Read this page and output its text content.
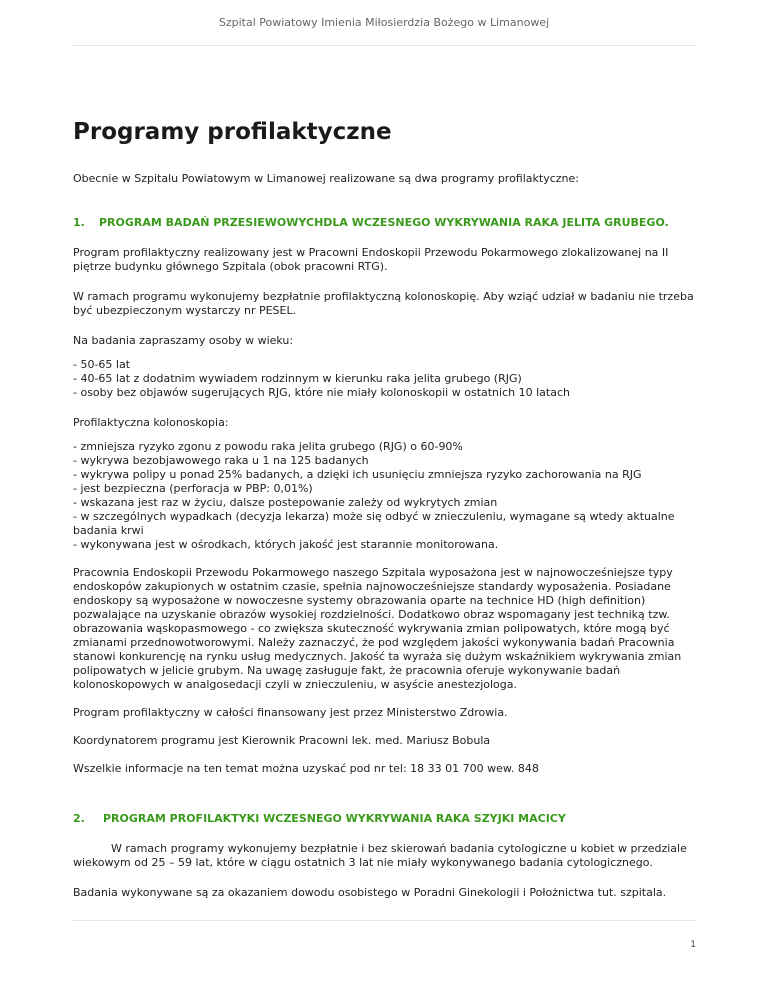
Szpital Powiatowy Imienia Miłosierdzia Bożego w Limanowej
Programy profilaktyczne

Obecnie w Szpitalu Powiatowym w Limanowej realizowane są dwa programy profilaktyczne:

1.	PROGRAM BADAŃ PRZESIEWOWYCHDLA WCZESNEGO WYKRYWANIA RAKA JELITA GRUBEGO.

Program profilaktyczny realizowany jest w Pracowni Endoskopii Przewodu Pokarmowego zlokalizowanej na II piętrze budynku głównego Szpitala (obok pracowni RTG).

W ramach programu wykonujemy bezpłatnie profilaktyczną kolonoskopię. Aby wziąć udział w badaniu nie trzeba być ubezpieczonym wystarczy nr PESEL.

Na badania zapraszamy osoby w wieku:

- 50-65 lat
- 40-65 lat z dodatnim wywiadem rodzinnym w kierunku raka jelita grubego (RJG)
- osoby bez objawów sugerujących RJG, które nie miały kolonoskopii w ostatnich 10 latach

Profilaktyczna kolonoskopia:

- zmniejsza ryzyko zgonu z powodu raka jelita grubego (RJG) o 60-90%
- wykrywa bezobjawowego raka u 1 na 125 badanych
- wykrywa polipy u ponad 25% badanych, a dzięki ich usunięciu zmniejsza ryzyko zachorowania na RJG
- jest bezpieczna (perforacja w PBP: 0,01%)
- wskazana jest raz w życiu, dalsze postepowanie zależy od wykrytych zmian
- w szczególnych wypadkach (decyzja lekarza) może się odbyć w znieczuleniu, wymagane są wtedy aktualne badania krwi
- wykonywana jest w ośrodkach, których jakość jest starannie monitorowana.

Pracownia Endoskopii Przewodu Pokarmowego naszego Szpitala wyposażona jest w najnowocześniejsze typy endoskopów zakupionych w ostatnim czasie, spełnia najnowocześniejsze standardy wyposażenia. Posiadane endoskopy są wyposażone w nowoczesne systemy obrazowania oparte na technice HD (high definition) pozwalające na uzyskanie obrazów wysokiej rozdzielności. Dodatkowo obraz wspomagany jest techniką tzw. obrazowania wąskopasmowego - co zwiększa skuteczność wykrywania zmian polipowatych, które mogą być zmianami przednowotworowymi. Należy zaznaczyć, że pod względem jakości wykonywania badań Pracownia stanowi konkurencję na rynku usług medycznych. Jakość ta wyraża się dużym wskaźnikiem wykrywania zmian polipowatych w jelicie grubym. Na uwagę zasługuje fakt, że pracownia oferuje wykonywanie badań kolonoskopowych w analgosedacji czyli w znieczuleniu, w asyście anestezjologa.

Program profilaktyczny w całości finansowany jest przez Ministerstwo Zdrowia.

Koordynatorem programu jest Kierownik Pracowni lek. med. Mariusz Bobula

Wszelkie informacje na ten temat można uzyskać pod nr tel: 18 33 01 700 wew. 848

2.	PROGRAM PROFILAKTYKI WCZESNEGO WYKRYWANIA RAKA SZYJKI MACICY

W ramach programy wykonujemy bezpłatnie i bez skierowań badania cytologiczne u kobiet w przedziale wiekowym od 25 – 59 lat, które w ciągu ostatnich 3 lat nie miały wykonywanego badania cytologicznego.

Badania wykonywane są za okazaniem dowodu osobistego w Poradni Ginekologii i Położnictwa tut. szpitala.

1
